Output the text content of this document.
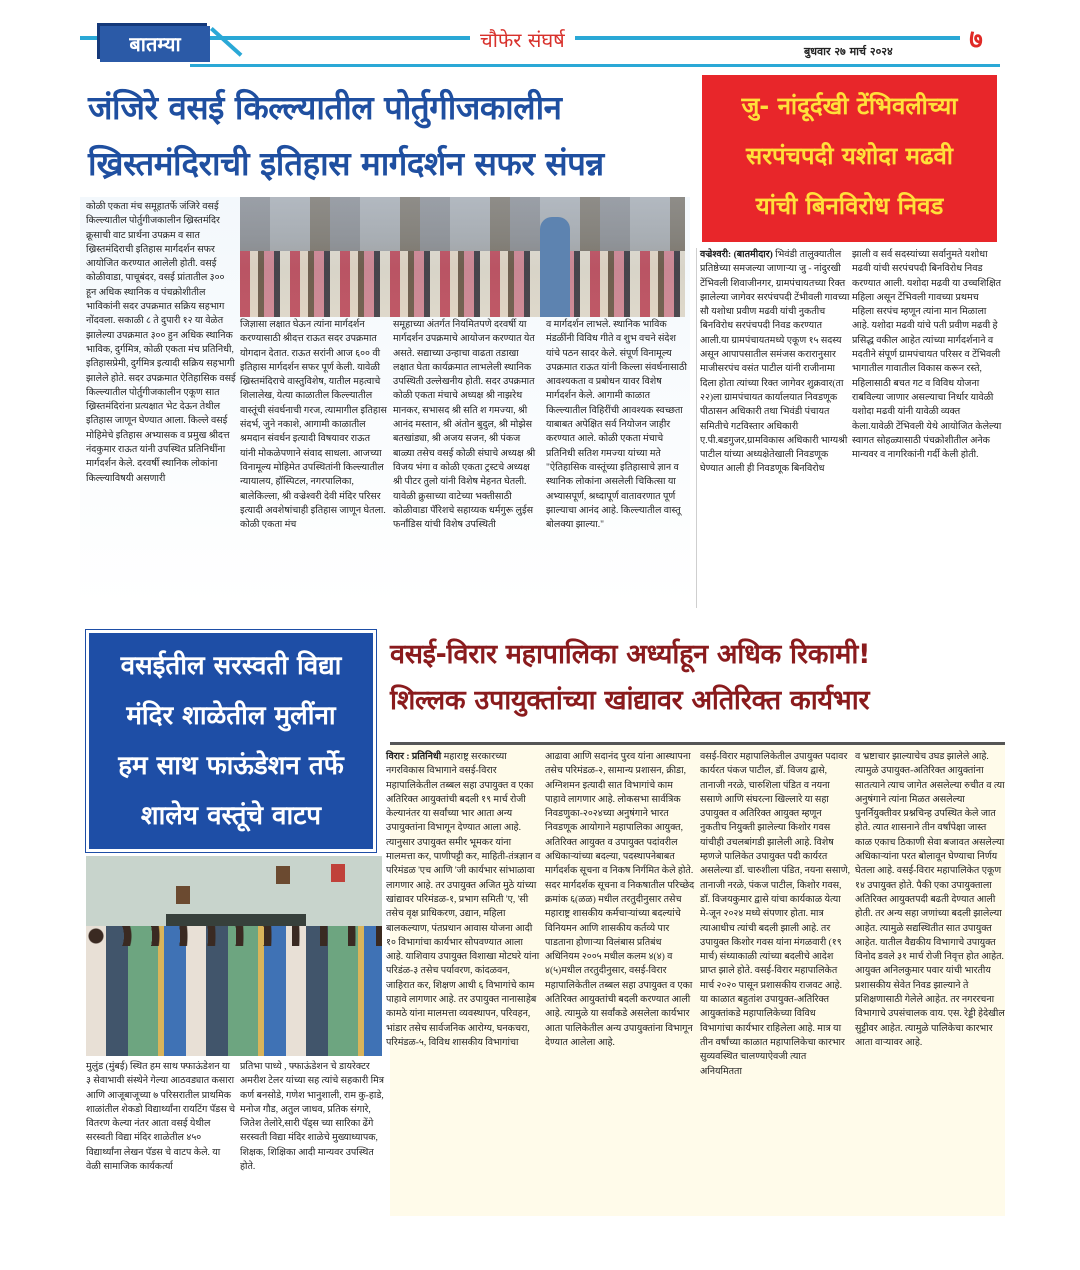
बातम्या	चौफेर संघर्ष	बुधवार २७ मार्च २०२४	७
जंजिरे वसई किल्ल्यातील पोर्तुगीजकालीन
ख्रिस्तमंदिराची इतिहास मार्गदर्शन सफर संपन्न

कोळी एकता मंच समूहातर्फे जंजिरे वसई किल्ल्यातील पोर्तुगीजकालीन ख्रिस्तमंदिर क्रूसाची वाट प्रार्थना उपक्रम व सात ख्रिस्तमंदिराची इतिहास मार्गदर्शन सफर आयोजित करण्यात आलेली होती. वसई कोळीवाडा, पाचूबंदर, वसई प्रांतातील ३०० हून अधिक स्थानिक व पंचक्रोशीतील भाविकांनी सदर उपक्रमात सक्रिय सहभाग नोंदवला. सकाळी ८ ते दुपारी १२ या वेळेत झालेल्या उपक्रमात ३०० हुन अधिक स्थानिक भाविक, दुर्गमित्र, कोळी एकता मंच प्रतिनिधी, इतिहासप्रेमी, दुर्गमित्र इत्यादी सक्रिय सहभागी झालेले होते. सदर उपक्रमात ऐतिहासिक वसई किल्ल्यातील पोर्तुगीजकालीन एकूण सात ख्रिस्तमंदिरांना प्रत्यक्षात भेट देऊन तेथील इतिहास जाणून घेण्यात आला. किल्ले वसई मोहिमेचे इतिहास अभ्यासक व प्रमुख श्रीदत्त नंदकुमार राऊत यांनी उपस्थित प्रतिनिधींना मार्गदर्शन केले. दरवर्षी स्थानिक लोकांना किल्ल्याविषयी असणारी

जिज्ञासा लक्षात घेऊन त्यांना मार्गदर्शन करण्यासाठी श्रीदत्त राऊत सदर उपक्रमात योगदान देतात. राऊत सरांनी आज ६०० वी इतिहास मार्गदर्शन सफर पूर्ण केली. यावेळी ख्रिस्तमंदिराचे वास्तुविशेष, यातील महत्वाचे शिलालेख, येत्या काळातील किल्ल्यातील वास्तूंची संवर्धनाची गरज, त्यामागील इतिहास संदर्भ, जुने नकाशे, आगामी काळातील श्रमदान संवर्धन इत्यादी विषयावर राऊत यांनी मोकळेपणाने संवाद साधला. आजच्या विनामूल्य मोहिमेत उपस्थितांनी किल्ल्यातील न्यायालय, हॉस्पिटल, नगरपालिका, बालेकिल्ला, श्री वज्रेश्वरी देवी मंदिर परिसर इत्यादी अवशेषांचाही इतिहास जाणून घेतला. कोळी एकता मंच

समूहाच्या अंतर्गत नियमितपणे दरवर्षी या मार्गदर्शन उपक्रमाचे आयोजन करण्यात येत असते. सद्याच्या उन्हाचा वाढता तडाखा लक्षात घेता कार्यक्रमात लाभलेली स्थानिक उपस्थिती उल्लेखनीय होती. सदर उपक्रमात कोळी एकता मंचाचे अध्यक्ष श्री नाझरेथ मानकर, सभासद श्री सति श गमज्या, श्री आनंद मस्तान, श्री अंतोन बुदुल, श्री मोझेस बतखांड्या, श्री अजय सजन, श्री पंकज बाळ्या तसेच वसई कोळी संघाचे अध्यक्ष श्री विजय भंगा व कोळी एकता ट्रस्टचे अध्यक्ष श्री पीटर तुलो यांनी विशेष मेहनत घेतली. यावेळी क्रुसाच्या वाटेच्या भक्तीसाठी कोळीवाडा पॅरिशचे सहाय्यक धर्मगुरू लुईस फर्नांडिस यांची विशेष उपस्थिती

व मार्गदर्शन लाभले. स्थानिक भाविक मंडळींनी विविध गीते व शुभ वचने संदेश यांचे पठन सादर केले. संपूर्ण विनामूल्य उपक्रमात राऊत यांनी किल्ला संवर्धनासाठी आवश्यकता व प्रबोधन यावर विशेष मार्गदर्शन केले. आगामी काळात किल्ल्यातील विहिरींची आवश्यक स्वच्छता याबाबत अपेक्षित सर्व नियोजन जाहीर करण्यात आले. कोळी एकता मंचाचे प्रतिनिधी सतिश गमज्या यांच्या मते "ऐतिहासिक वास्तूंच्या इतिहासाचे ज्ञान व स्थानिक लोकांना असलेली चिकित्सा या अभ्यासपूर्ण, श्रध्दापूर्ण वातावरणात पूर्ण झाल्याचा आनंद आहे. किल्ल्यातील वास्तू बोलक्या झाल्या."

जु- नांदूर्दखी टेंभिवलीच्या
सरपंचपदी यशोदा मढवी
यांची बिनविरोध निवड

वज्रेश्वरी: (बातमीदार) भिवंडी तालुक्यातील प्रतिष्ठेच्या समजल्या जाणाऱ्या जु - नांदुरखी टेंभिवली शिवाजीनगर, ग्रामपंचायतच्या रिक्त झालेल्या जागेवर सरपंचपदी टेंभीवली गावच्या सौ यशोधा प्रवीण मढवी यांची नुकतीच बिनविरोध सरपंचपदी निवड करण्यात आली.या ग्रामपंचायतमध्ये एकूण १५ सदस्य असून आपापसातील समंजस करारानुसार माजीसरपंच वसंत पाटील यांनी राजीनामा दिला होता त्यांच्या रिक्त जागेवर शुक्रवार(ता २२)ला ग्रामपंचायत कार्यालयात निवडणूक पीठासन अधिकारी तथा भिवंडी पंचायत समितीचे गटविस्तार अधिकारी ए.पी.बडगुजर,ग्रामविकास अधिकारी भाग्यश्री पाटील यांच्या अध्यक्षेतेखाली निवडणूक घेण्यात आली ही निवडणूक बिनविरोध

झाली व सर्व सदस्यांच्या सर्वानुमते यशोधा मढवी यांची सरपंचपदी बिनविरोध निवड करण्यात आली. यशोदा मढवी या उच्चशिक्षित महिला असून टेंभिवली गावच्या प्रथमच महिला सरपंच म्हणून त्यांना मान मिळाला आहे. यशोदा मढवी यांचे पती प्रवीण मढवी हे प्रसिद्ध वकील आहेत त्यांच्या मार्गदर्शनाने व मदतीने संपूर्ण ग्रामपंचायत परिसर व टेंभिवली भागातील गावातील विकास करून रस्ते, महिलासाठी बचत गट व विविध योजना राबविल्या जाणार असल्याचा निर्धार यावेळी यशोदा मढवी यांनी यावेळी व्यक्त केला.यावेळी टेंभिवली येथे आयोजित केलेल्या स्वागत सोहळ्यासाठी पंचक्रोशीतील अनेक मान्यवर व नागरिकांनी गर्दी केली होती.

वसईतील सरस्वती विद्या
मंदिर शाळेतील मुलींना
हम साथ फाऊंडेशन तर्फे
शालेय वस्तूंचे वाटप

मुलुंड (मुंबई) स्थित हम साथ फ्फाऊंडेशन या ३ सेवाभावी संस्थेने गेल्या आठवड्यात कसारा आणि आजूबाजूच्या ७ परिसरातील प्राथमिक शाळांतील शेकडो विद्यार्थ्यांना रायटिंग पॅडस चे वितरण केल्या नंतर आता वसई येथील सरस्वती विद्या मंदिर शाळेतील ४५० विद्यार्थ्यांना लेखन पॅडस चे वाटप केले. या वेळी सामाजिक कार्यकर्त्या

प्रतिभा पाध्ये , फ्फाऊंडेशन चे डायरेक्टर अमरीश टेलर यांच्या सह त्यांचे सहकारी मित्र कर्ण बनसोडे, गणेश भानुशाली, राम कु-हाडे, मनोज गौड, अतुल जाधव, प्रतिक संगारे, जितेश तेलोरे,सारी पॅड्स च्या सारिका ढेंगे सरस्वती विद्या मंदिर शाळेचे मुख्याध्यापक, शिक्षक, शिक्षिका आदी मान्यवर उपस्थित होते.

वसई-विरार महापालिका अर्ध्याहून अधिक रिकामी!
शिल्लक उपायुक्तांच्या खांद्यावर अतिरिक्त कार्यभार

विरार : प्रतिनिधी महाराष्ट्र सरकारच्या नगरविकास विभागाने वसई-विरार महापालिकेतील तब्बल सहा उपायुक्त व एका अतिरिक्त आयुक्तांची बदली १९ मार्च रोजी केल्यानंतर या सर्वांच्या भार आता अन्य उपायुक्तांना विभागून देण्यात आला आहे. त्यानुसार उपायुक्त समीर भूमकर यांना मालमत्ता कर, पाणीपट्टी कर, माहिती-तंत्रज्ञान व परिमंडळ 'एच आणि 'जी कार्यभार सांभाळावा लागणार आहे. तर उपायुक्त अजित मुठे यांच्या खांद्यावर परिमंडळ-१, प्रभाग समिती 'ए, 'सी तसेच वृक्ष प्राधिकरण, उद्यान, महिला बालकल्याण, पंतप्रधान आवास योजना आदी १० विभागांचा कार्यभार सोपवण्यात आला आहे. याशिवाय उपायुक्त विशाखा मोटघरे यांना परिडंळ-३ तसेच पर्यावरण, कांदळवन, जाहिरात कर, शिक्षण आधी ६ विभागांचे काम पाहावे लागणार आहे. तर उपायुक्त नानासाहेब कामठे यांना मालमत्ता व्यवस्थापन, परिवहन, भांडार तसेच सार्वजनिक आरोग्य, घनकचरा, परिमंडळ-५, विविध शासकीय विभागांचा

आढावा आणि सदानंद पुरव यांना आस्थापना तसेच परिमंडळ-२, सामान्य प्रशासन, क्रीडा, अग्निशमन इत्यादी सात विभागांचे काम पाहावे लागणार आहे. लोकसभा सार्वत्रिक निवडणुका-२०२४च्या अनुषंगाने भारत निवडणूक आयोगाने महापालिका आयुक्त, अतिरिक्त आयुक्त व उपायुक्त पदांवरील अधिकाऱ्यांच्या बदल्या, पदस्थापनेबाबत मार्गदर्शक सूचना व निकष निर्गमित केले होते. सदर मार्गदर्शक सूचना व निकषातील परिच्छेद क्रमांक ६(ळळ) मधील तरतुदीनुसार तसेच महाराष्ट्र शासकीय कर्मचाऱ्यांच्या बदल्यांचे विनियमन आणि शासकीय कर्तव्ये पार पाडताना होणाऱ्या विलंबास प्रतिबंध अधिनियम २००५ मधील कलम ४(४) व ४(५)मधील तरतुदीनुसार, वसई-विरार महापालिकेतील तब्बल सहा उपायुक्त व एका अतिरिक्त आयुक्तांची बदली करण्यात आली आहे. त्यामुळे या सर्वांकडे असलेला कार्यभार आता पालिकेतील अन्य उपायुक्तांना विभागून देण्यात आलेला आहे.

वसई-विरार महापालिकेतील उपायुक्त पदावर कार्यरत पंकज पाटील, डॉ. विजय द्वासे, तानाजी नरळे, चारुशिला पंडित व नयना ससाणे आणि संघरत्ना खिल्लारे या सहा उपायुक्त व अतिरिक्त आयुक्त म्हणून नुकतीच नियुक्ती झालेल्या किशोर गवस यांचीही उचलबांगडी झालेली आहे. विशेष म्हणजे पालिकेत उपायुक्त पदी कार्यरत असलेल्या डॉ. चारुशीला पंडित, नयना ससाणे, तानाजी नरळे, पंकज पाटील, किशोर गवस, डॉ. विजयकुमार द्वासे यांचा कार्यकाळ येत्या मे-जून २०२४ मध्ये संपणार होता. मात्र त्याआधीच त्यांची बदली झाली आहे. तर उपायुक्त किशोर गवस यांना मंगळवारी (१९ मार्च) संध्याकाळी त्यांच्या बदलीचे आदेश प्राप्त झाले होते. वसई-विरार महापालिकेत मार्च २०२० पासून प्रशासकीय राजवट आहे. या काळात बहुतांश उपायुक्त-अतिरिक्त आयुक्तांकडे महापालिकेच्या विविध विभागांचा कार्यभार राहिलेला आहे. मात्र या तीन वर्षांच्या काळात महापालिकेचा कारभार सुव्यवस्थित चालण्याऐवजी त्यात अनियमितता

व भ्रष्टाचार झाल्याचेच उघड झालेले आहे. त्यामुळे उपायुक्त-अतिरिक्त आयुक्तांना सातत्याने त्याच जागेत असलेल्या रुचीत व त्या अनुषंगाने त्यांना मिळत असलेल्या पुनर्नियुक्तीवर प्रश्नचिन्ह उपस्थित केले जात होते. त्यात शासनाने तीन वर्षांपेक्षा जास्त काळ एकाच ठिकाणी सेवा बजावत असलेल्या अधिकाऱ्यांना परत बोलावून घेण्याचा निर्णय घेतला आहे. वसई-विरार महापालिकेत एकूण १४ उपायुक्त होते. पैकी एका उपायुक्ताला अतिरिक्त आयुक्तपदी बढती देण्यात आली होती. तर अन्य सहा जणांच्या बदली झालेल्या आहेत. त्यामुळे सद्यस्थितीत सात उपायुक्त आहेत. यातील वैद्यकीय विभागाचे उपायुक्त विनोद डवले ३१ मार्च रोजी निवृत्त होत आहेत. आयुक्त अनिलकुमार पवार यांची भारतीय प्रशासकीय सेवेत निवड झाल्याने ते प्रशिक्षणासाठी गेलेले आहेत. तर नगररचना विभागाचे उपसंचालक वाय. एस. रेड्डी हेदेखील सुट्टीवर आहेत. त्यामुळे पालिकेचा कारभार आता वाऱ्यावर आहे.
